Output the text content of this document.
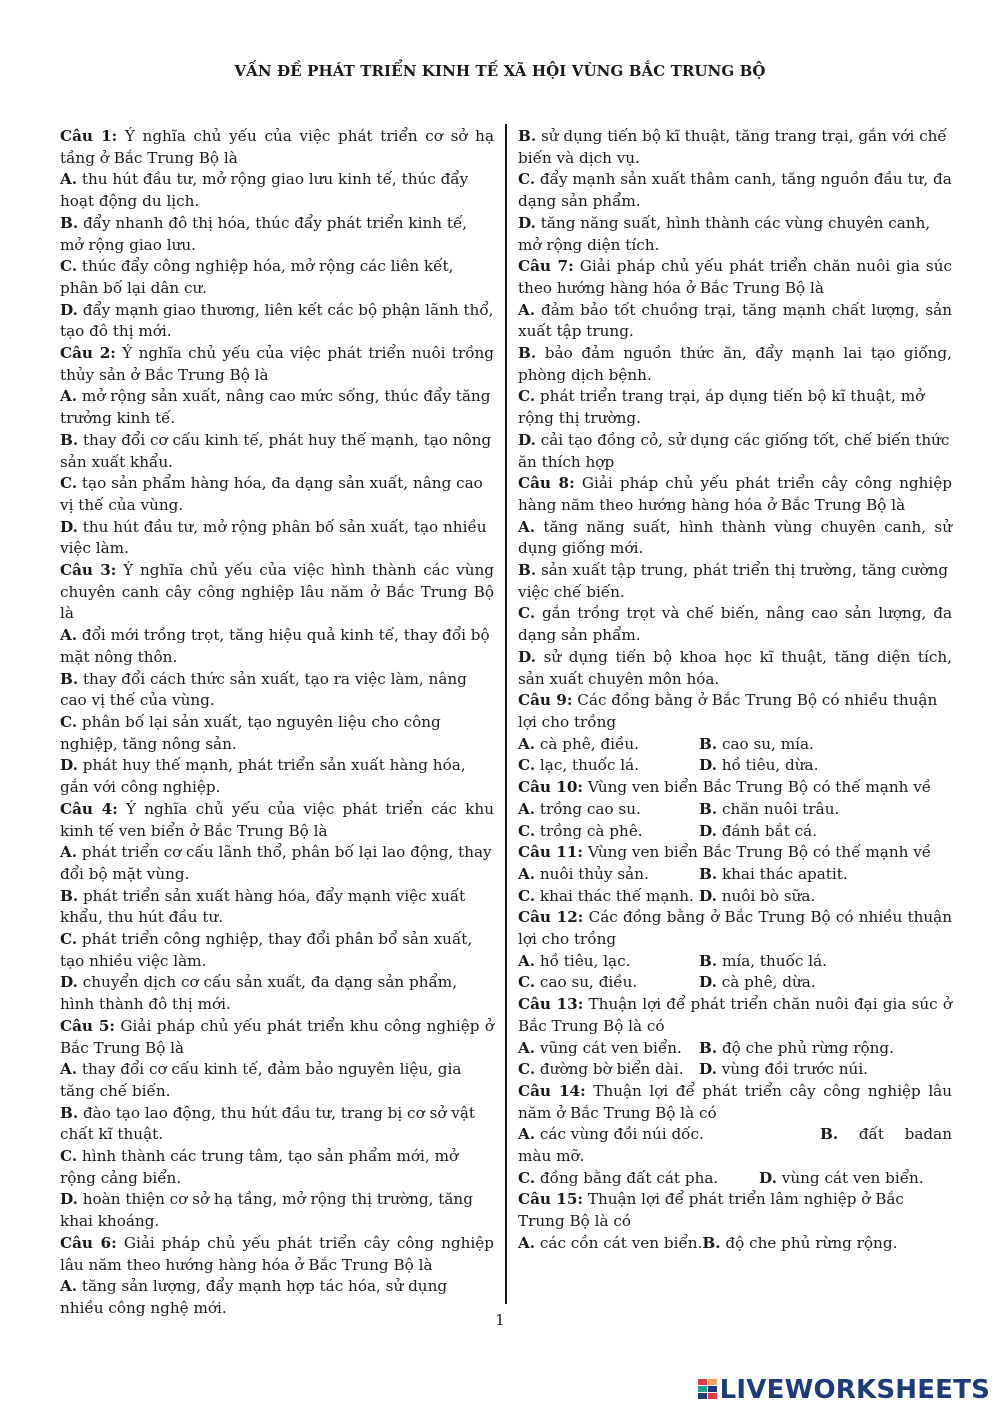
VẤN ĐỀ PHÁT TRIỂN KINH TẾ XÃ HỘI VÙNG BẮC TRUNG BỘ

Câu 1: Ý nghĩa chủ yếu của việc phát triển cơ sở hạ tầng ở Bắc Trung Bộ là

A. thu hút đầu tư, mở rộng giao lưu kinh tế, thúc đẩy hoạt động du lịch.

B. đẩy nhanh đô thị hóa, thúc đẩy phát triển kinh tế, mở rộng giao lưu.

C. thúc đẩy công nghiệp hóa, mở rộng các liên kết, phân bố lại dân cư.

D. đẩy mạnh giao thương, liên kết các bộ phận lãnh thổ, tạo đô thị mới.

Câu 2: Ý nghĩa chủ yếu của việc phát triển nuôi trồng thủy sản ở Bắc Trung Bộ là

A. mở rộng sản xuất, nâng cao mức sống, thúc đẩy tăng trưởng kinh tế.

B. thay đổi cơ cấu kinh tế, phát huy thế mạnh, tạo nông sản xuất khẩu.

C. tạo sản phẩm hàng hóa, đa dạng sản xuất, nâng cao vị thế của vùng.

D. thu hút đầu tư, mở rộng phân bố sản xuất, tạo nhiều việc làm.

Câu 3: Ý nghĩa chủ yếu của việc hình thành các vùng chuyên canh cây công nghiệp lâu năm ở Bắc Trung Bộ là

A. đổi mới trồng trọt, tăng hiệu quả kinh tế, thay đổi bộ mặt nông thôn.

B. thay đổi cách thức sản xuất, tạo ra việc làm, nâng cao vị thế của vùng.

C. phân bố lại sản xuất, tạo nguyên liệu cho công nghiệp, tăng nông sản.

D. phát huy thế mạnh, phát triển sản xuất hàng hóa, gắn với công nghiệp.

Câu 4: Ý nghĩa chủ yếu của việc phát triển các khu kinh tế ven biển ở Bắc Trung Bộ là

A. phát triển cơ cấu lãnh thổ, phân bố lại lao động, thay đổi bộ mặt vùng.

B. phát triển sản xuất hàng hóa, đẩy mạnh việc xuất khẩu, thu hút đầu tư.

C. phát triển công nghiệp, thay đổi phân bổ sản xuất, tạo nhiều việc làm.

D. chuyển dịch cơ cấu sản xuất, đa dạng sản phẩm, hình thành đô thị mới.

Câu 5: Giải pháp chủ yếu phát triển khu công nghiệp ở Bắc Trung Bộ là

A. thay đổi cơ cấu kinh tế, đảm bảo nguyên liệu, gia tăng chế biến.

B. đào tạo lao động, thu hút đầu tư, trang bị cơ sở vật chất kĩ thuật.

C. hình thành các trung tâm, tạo sản phẩm mới, mở rộng cảng biển.

D. hoàn thiện cơ sở hạ tầng, mở rộng thị trường, tăng khai khoáng.

Câu 6: Giải pháp chủ yếu phát triển cây công nghiệp lâu năm theo hướng hàng hóa ở Bắc Trung Bộ là

A. tăng sản lượng, đẩy mạnh hợp tác hóa, sử dụng nhiều công nghệ mới.

B. sử dụng tiến bộ kĩ thuật, tăng trang trại, gắn với chế biến và dịch vụ.

C. đẩy mạnh sản xuất thâm canh, tăng nguồn đầu tư, đa dạng sản phẩm.

D. tăng năng suất, hình thành các vùng chuyên canh, mở rộng diện tích.

Câu 7: Giải pháp chủ yếu phát triển chăn nuôi gia súc theo hướng hàng hóa ở Bắc Trung Bộ là

A. đảm bảo tốt chuồng trại, tăng mạnh chất lượng, sản xuất tập trung.

B. bảo đảm nguồn thức ăn, đẩy mạnh lai tạo giống, phòng dịch bệnh.

C. phát triển trang trại, áp dụng tiến bộ kĩ thuật, mở rộng thị trường.

D. cải tạo đồng cỏ, sử dụng các giống tốt, chế biến thức ăn thích hợp

Câu 8: Giải pháp chủ yếu phát triển cây công nghiệp hàng năm theo hướng hàng hóa ở Bắc Trung Bộ là

A. tăng năng suất, hình thành vùng chuyên canh, sử dụng giống mới.

B. sản xuất tập trung, phát triển thị trường, tăng cường việc chế biến.

C. gắn trồng trọt và chế biến, nâng cao sản lượng, đa dạng sản phẩm.

D. sử dụng tiến bộ khoa học kĩ thuật, tăng diện tích, sản xuất chuyên môn hóa.

Câu 9: Các đồng bằng ở Bắc Trung Bộ có nhiều thuận lợi cho trồng

A. cà phê, điều.	B. cao su, mía.
C. lạc, thuốc lá.	D. hồ tiêu, dừa.

Câu 10: Vùng ven biển Bắc Trung Bộ có thế mạnh về

A. trồng cao su.	B. chăn nuôi trâu.
C. trồng cà phê.	D. đánh bắt cá.

Câu 11: Vùng ven biển Bắc Trung Bộ có thế mạnh về

A. nuôi thủy sản.	B. khai thác apatit.
C. khai thác thế mạnh. D. nuôi bò sữa.

Câu 12: Các đồng bằng ở Bắc Trung Bộ có nhiều thuận lợi cho trồng

A. hồ tiêu, lạc.	B. mía, thuốc lá.
C. cao su, điều.	D. cà phê, dừa.

Câu 13: Thuận lợi để phát triển chăn nuôi đại gia súc ở Bắc Trung Bộ là có

A. vũng cát ven biển.	B. độ che phủ rừng rộng.
C. đường bờ biển dài.	D. vùng đồi trước núi.

Câu 14: Thuận lợi để phát triển cây công nghiệp lâu năm ở Bắc Trung Bộ là có

A. các vùng đồi núi dốc.	B. đất badan

màu mỡ.

C. đồng bằng đất cát pha.	D. vùng cát ven biển.

Câu 15: Thuận lợi để phát triển lâm nghiệp ở Bắc Trung Bộ là có

A. các cồn cát ven biển.B. độ che phủ rừng rộng.

1
LIVEWORKSHEETS
